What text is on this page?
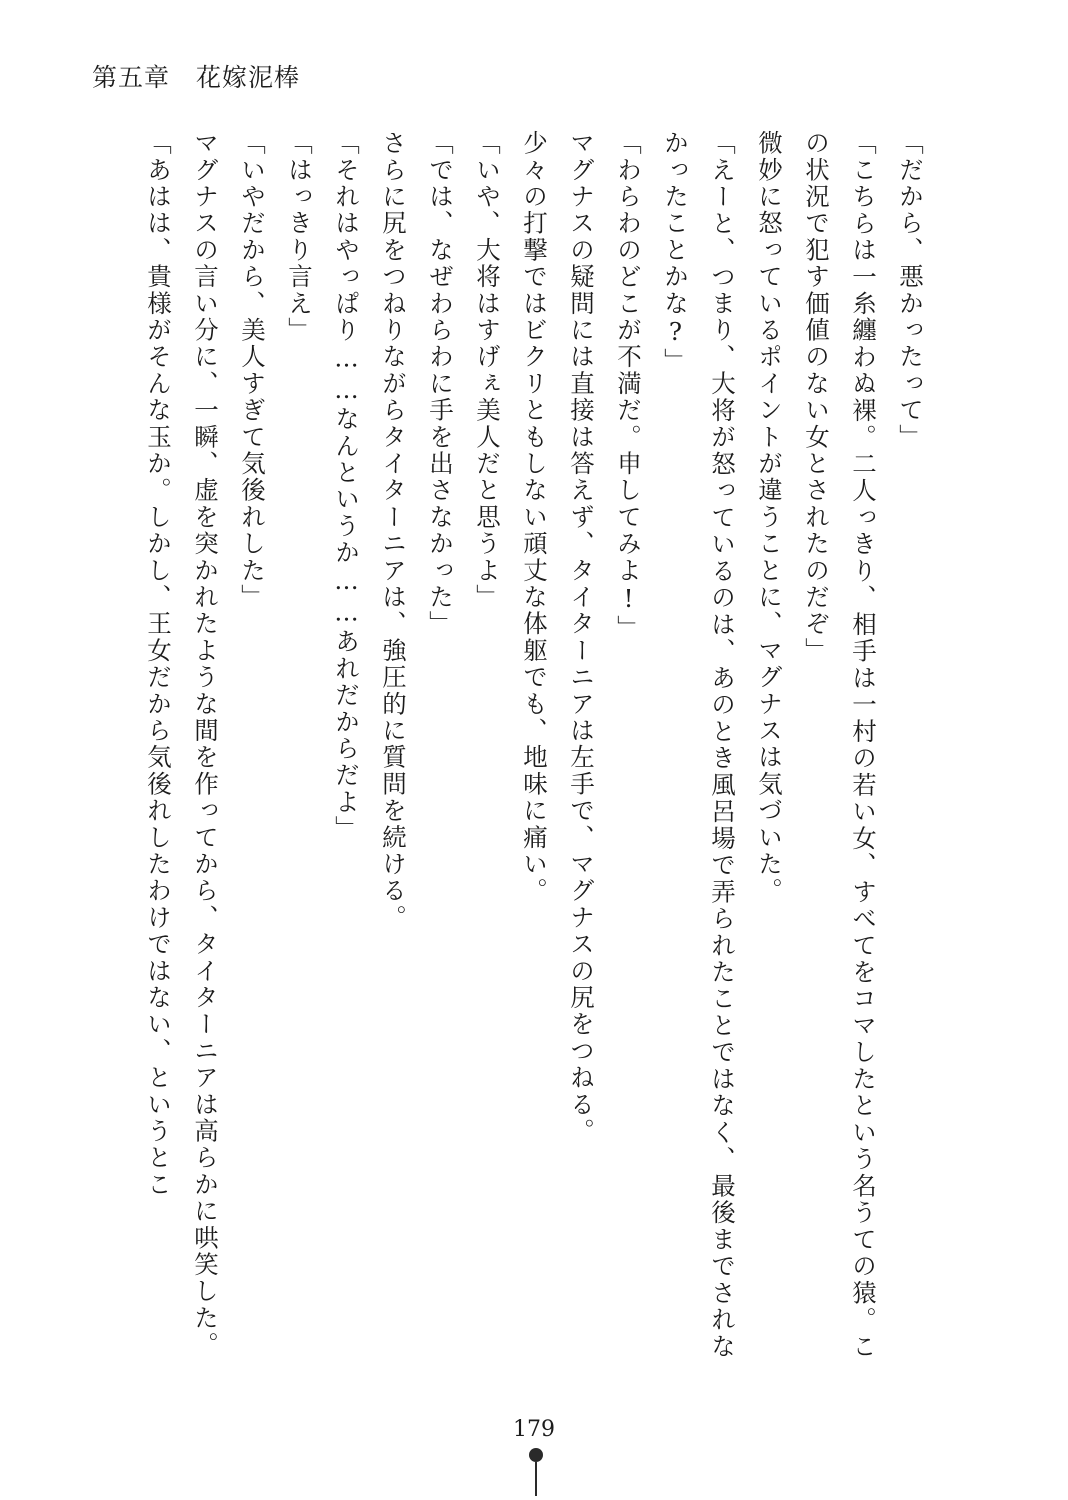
第五章　花嫁泥棒

「だから、悪かったって」

「こちらは一糸纏わぬ裸。二人っきり、相手は一村の若い女、すべてをコマしたという名うての猿。この状況で犯す価値のない女とされたのだぞ」

微妙に怒っているポイントが違うことに、マグナスは気づいた。

「えーと、つまり、大将が怒っているのは、あのとき風呂場で弄られたことではなく、最後までされなかったことかな?」

「わらわのどこが不満だ。申してみよ!」

マグナスの疑問には直接は答えず、タイターニアは左手で、マグナスの尻をつねる。

少々の打撃ではビクリともしない頑丈な体躯でも、地味に痛い。

「いや、大将はすげぇ美人だと思うよ」

「では、なぜわらわに手を出さなかった」

さらに尻をつねりながらタイターニアは、強圧的に質問を続ける。

「それはやっぱり……なんというか……あれだからだよ」

「はっきり言え」

「いやだから、美人すぎて気後れした」

マグナスの言い分に、一瞬、虚を突かれたような間を作ってから、タイターニアは高らかに哄笑した。

「あはは、貴様がそんな玉か。しかし、王女だから気後れしたわけではない、というとこ

179
